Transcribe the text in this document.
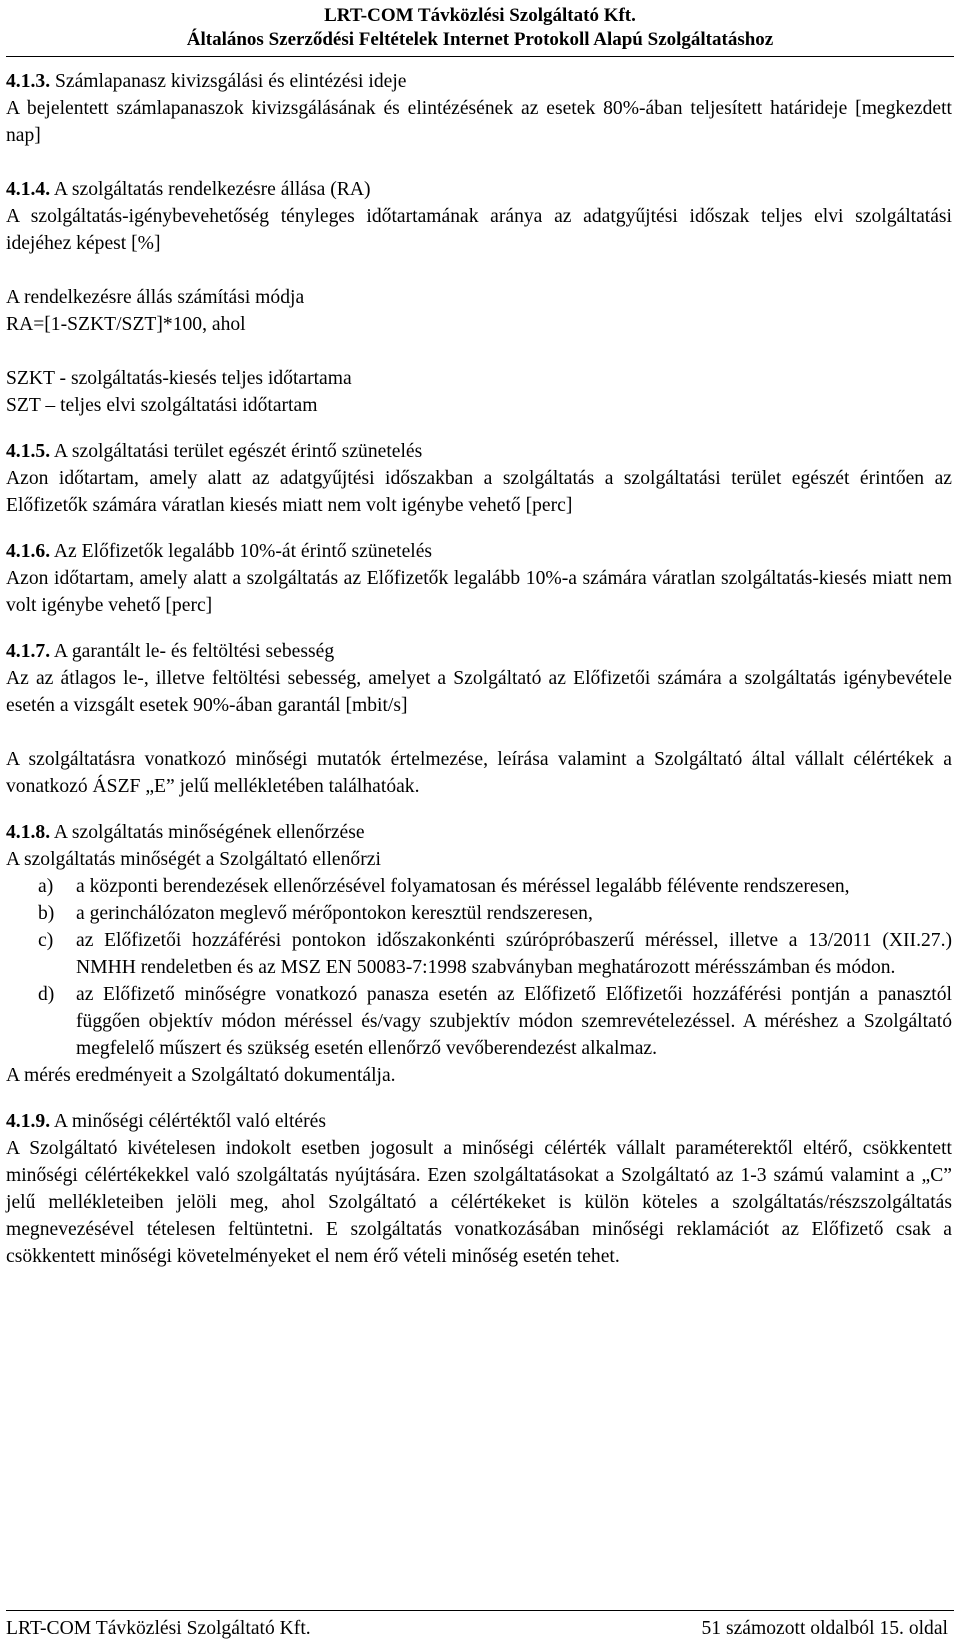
LRT-COM Távközlési Szolgáltató Kft.
Általános Szerződési Feltételek Internet Protokoll Alapú Szolgáltatáshoz

4.1.3. Számlapanasz kivizsgálási és elintézési ideje

A bejelentett számlapanaszok kivizsgálásának és elintézésének az esetek 80%-ában teljesített határideje [megkezdett nap]

4.1.4. A szolgáltatás rendelkezésre állása (RA)

A szolgáltatás-igénybevehetőség tényleges időtartamának aránya az adatgyűjtési időszak teljes elvi szolgáltatási idejéhez képest [%]

A rendelkezésre állás számítási módja

RA=[1-SZKT/SZT]*100, ahol

SZKT - szolgáltatás-kiesés teljes időtartama

SZT – teljes elvi szolgáltatási időtartam

4.1.5. A szolgáltatási terület egészét érintő szünetelés

Azon időtartam, amely alatt az adatgyűjtési időszakban a szolgáltatás a szolgáltatási terület egészét érintően az Előfizetők számára váratlan kiesés miatt nem volt igénybe vehető [perc]

4.1.6. Az Előfizetők legalább 10%-át érintő szünetelés

Azon időtartam, amely alatt a szolgáltatás az Előfizetők legalább 10%-a számára váratlan szolgáltatás-kiesés miatt nem volt igénybe vehető [perc]

4.1.7. A garantált le- és feltöltési sebesség

Az az átlagos le-, illetve feltöltési sebesség, amelyet a Szolgáltató az Előfizetői számára a szolgáltatás igénybevétele esetén a vizsgált esetek 90%-ában garantál [mbit/s]

A szolgáltatásra vonatkozó minőségi mutatók értelmezése, leírása valamint a Szolgáltató által vállalt célértékek a vonatkozó ÁSZF „E” jelű mellékletében találhatóak.

4.1.8. A szolgáltatás minőségének ellenőrzése

A szolgáltatás minőségét a Szolgáltató ellenőrzi

a) a központi berendezések ellenőrzésével folyamatosan és méréssel legalább félévente rendszeresen,
b) a gerinchálózaton meglevő mérőpontokon keresztül rendszeresen,
c) az Előfizetői hozzáférési pontokon időszakonkénti szúrópróbaszerű méréssel, illetve a 13/2011 (XII.27.) NMHH rendeletben és az MSZ EN 50083-7:1998 szabványban meghatározott mérésszámban és módon.
d) az Előfizető minőségre vonatkozó panasza esetén az Előfizető Előfizetői hozzáférési pontján a panasztól függően objektív módon méréssel és/vagy szubjektív módon szemrevételezéssel. A méréshez a Szolgáltató megfelelő műszert és szükség esetén ellenőrző vevőberendezést alkalmaz.

A mérés eredményeit a Szolgáltató dokumentálja.

4.1.9. A minőségi célértéktől való eltérés

A Szolgáltató kivételesen indokolt esetben jogosult a minőségi célérték vállalt paraméterektől eltérő, csökkentett minőségi célértékekkel való szolgáltatás nyújtására. Ezen szolgáltatásokat a Szolgáltató az 1-3 számú valamint a „C” jelű mellékleteiben jelöli meg, ahol Szolgáltató a célértékeket is külön köteles a szolgáltatás/részszolgáltatás megnevezésével tételesen feltüntetni. E szolgáltatás vonatkozásában minőségi reklamációt az Előfizető csak a csökkentett minőségi követelményeket el nem érő vételi minőség esetén tehet.

LRT-COM Távközlési Szolgáltató Kft.	51 számozott oldalból 15. oldal
